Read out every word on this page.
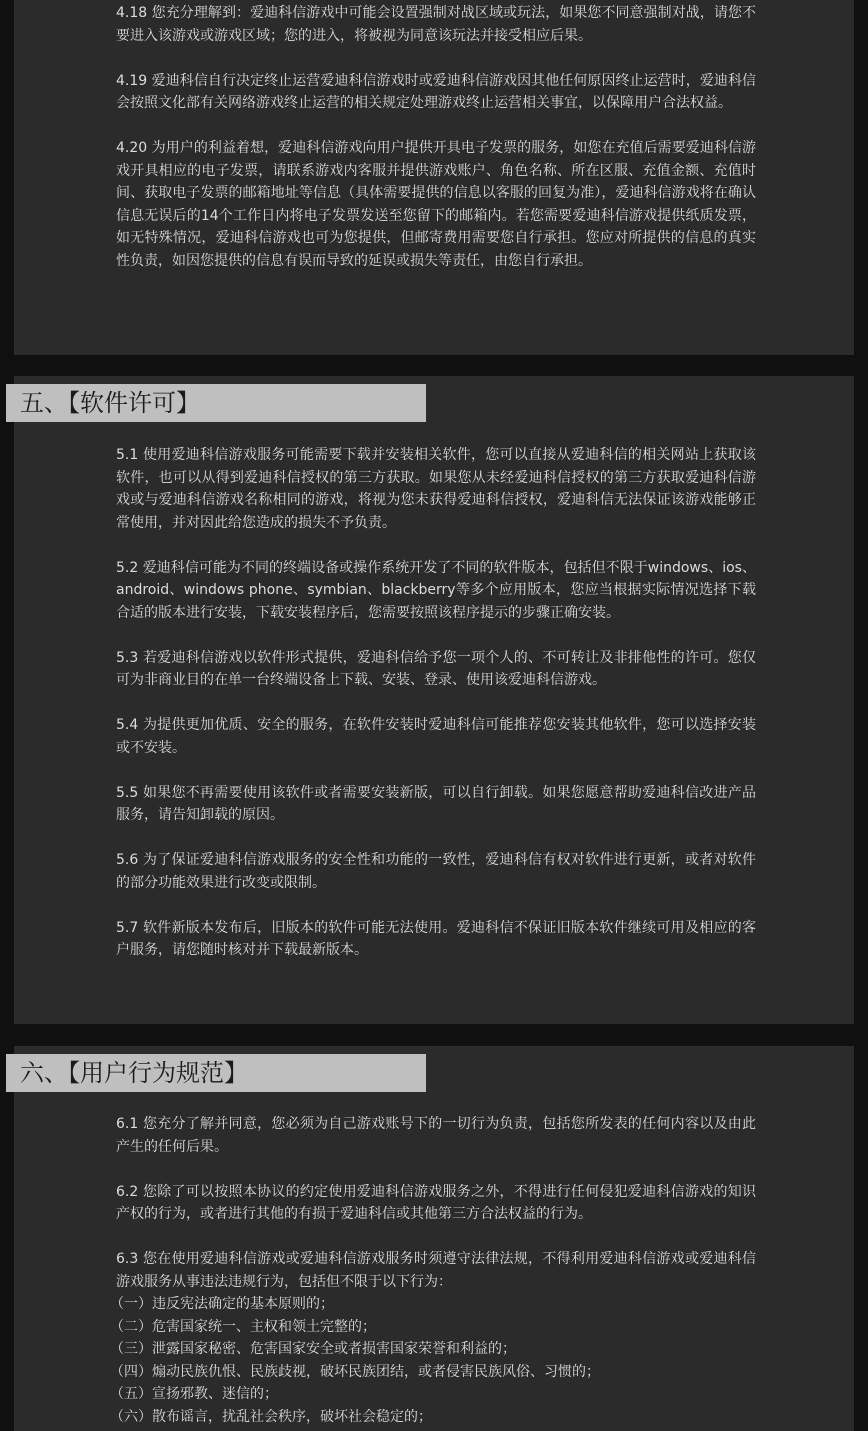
4.18 您充分理解到：爱迪科信游戏中可能会设置强制对战区域或玩法，如果您不同意强制对战，请您不要进入该游戏或游戏区域；您的进入，将被视为同意该玩法并接受相应后果。

4.19 爱迪科信自行决定终止运营爱迪科信游戏时或爱迪科信游戏因其他任何原因终止运营时，爱迪科信会按照文化部有关网络游戏终止运营的相关规定处理游戏终止运营相关事宜，以保障用户合法权益。

4.20 为用户的利益着想，爱迪科信游戏向用户提供开具电子发票的服务，如您在充值后需要爱迪科信游戏开具相应的电子发票，请联系游戏内客服并提供游戏账户、角色名称、所在区服、充值金额、充值时间、获取电子发票的邮箱地址等信息（具体需要提供的信息以客服的回复为准），爱迪科信游戏将在确认信息无误后的14个工作日内将电子发票发送至您留下的邮箱内。若您需要爱迪科信游戏提供纸质发票，如无特殊情况，爱迪科信游戏也可为您提供，但邮寄费用需要您自行承担。您应对所提供的信息的真实性负责，如因您提供的信息有误而导致的延误或损失等责任，由您自行承担。

五、【软件许可】

5.1 使用爱迪科信游戏服务可能需要下载并安装相关软件，您可以直接从爱迪科信的相关网站上获取该软件，也可以从得到爱迪科信授权的第三方获取。如果您从未经爱迪科信授权的第三方获取爱迪科信游戏或与爱迪科信游戏名称相同的游戏，将视为您未获得爱迪科信授权，爱迪科信无法保证该游戏能够正常使用，并对因此给您造成的损失不予负责。

5.2 爱迪科信可能为不同的终端设备或操作系统开发了不同的软件版本，包括但不限于windows、ios、android、windows phone、symbian、blackberry等多个应用版本，您应当根据实际情况选择下载合适的版本进行安装，下载安装程序后，您需要按照该程序提示的步骤正确安装。

5.3 若爱迪科信游戏以软件形式提供，爱迪科信给予您一项个人的、不可转让及非排他性的许可。您仅可为非商业目的在单一台终端设备上下载、安装、登录、使用该爱迪科信游戏。

5.4 为提供更加优质、安全的服务，在软件安装时爱迪科信可能推荐您安装其他软件，您可以选择安装或不安装。

5.5 如果您不再需要使用该软件或者需要安装新版，可以自行卸载。如果您愿意帮助爱迪科信改进产品服务，请告知卸载的原因。

5.6 为了保证爱迪科信游戏服务的安全性和功能的一致性，爱迪科信有权对软件进行更新，或者对软件的部分功能效果进行改变或限制。

5.7 软件新版本发布后，旧版本的软件可能无法使用。爱迪科信不保证旧版本软件继续可用及相应的客户服务，请您随时核对并下载最新版本。

六、【用户行为规范】

6.1 您充分了解并同意，您必须为自己游戏账号下的一切行为负责，包括您所发表的任何内容以及由此产生的任何后果。

6.2 您除了可以按照本协议的约定使用爱迪科信游戏服务之外，不得进行任何侵犯爱迪科信游戏的知识产权的行为，或者进行其他的有损于爱迪科信或其他第三方合法权益的行为。

6.3 您在使用爱迪科信游戏或爱迪科信游戏服务时须遵守法律法规，不得利用爱迪科信游戏或爱迪科信游戏服务从事违法违规行为，包括但不限于以下行为：

（一）违反宪法确定的基本原则的；

（二）危害国家统一、主权和领土完整的；

（三）泄露国家秘密、危害国家安全或者损害国家荣誉和利益的；

（四）煽动民族仇恨、民族歧视，破坏民族团结，或者侵害民族风俗、习惯的；

（五）宣扬邪教、迷信的；

（六）散布谣言，扰乱社会秩序，破坏社会稳定的；
